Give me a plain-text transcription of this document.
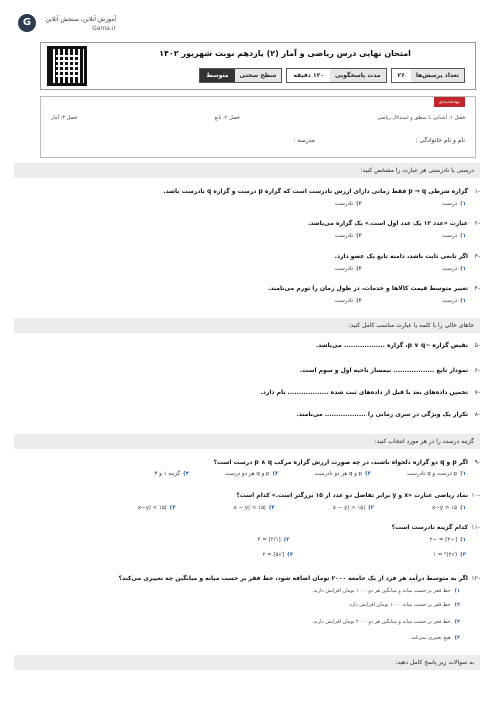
G	آموزش آنلاین، سنجش آنلاین
Gama.ir
امتحان نهایی درس ریاضی و آمار (۲) یازدهم نوبت شهریور ۱۴۰۲
تعداد پرسش‌ها
۲۶
مدت پاسخگویی
۱۲۰ دقیقه
سطح سختی
متوسط
بودجه‌بندی
فصل ۱: آشنایی با منطق و استدلال ریاضی
فصل ۲: تابع
فصل ۳: آمار
نام و نام خانوادگی :
مدرسه :
درستی یا نادرستی هر عبارت را مشخص کنید:
-۱
گزاره شرطی p ⇒ q فقط زمانی دارای ارزش نادرست است که گزاره p درست و گزاره q نادرست باشد.
۱)
درست
۲)
نادرست
-۲
عبارت «عدد ۱۲ یک عدد اول است.» یک گزاره می‌باشد.
۱)
درست
۲)
نادرست
-۳
اگر تابعی ثابت باشد، دامنه تابع یک عضو دارد.
۱)
درست
۲)
نادرست
-۴
تغییر متوسط قیمت کالاها و خدمات، در طول زمان را تورم می‌نامند.
۱)
درست
۲)
نادرست
جاهای خالی را با کلمه یا عبارت مناسب کامل کنید:
-۵
نقیض گزاره ~p ∨ q، گزاره .................. می‌باشد.
-۶
نمودار تابع .................. نیمساز ناحیه اول و سوم است.
-۷
تخمین داده‌های بعد یا قبل از داده‌های ثبت شده .................. نام دارد.
-۸
تکرار یک ویژگی در سری زمانی را .................. می‌نامند.
گزینه درست را در هر مورد انتخاب کنید:
-۹
اگر p و q دو گزاره دلخواه باشند، در چه صورت ارزش گزاره مرکب p ∧ q درست است؟
۱)
p درست و q نادرست
۲)
p و q هر دو نادرست
۳)
p و q هر دو درست
۴)
گزینه ۱ و ۳
-۱۰
نماد ریاضی عبارت «x و y برابر تفاضل دو عدد از ۱۵ بزرگتر است.» کدام است؟
۱)
x−y > ۱۵
۲)
|x − y| > ۱۵
۳)
|x − y| < ۱۵
۴)
|x−y| < ۱۵
-۱۱
کدام گزینه نادرست است؟
۱)
[−۲] = −۲
۲)
[۲/۱] = ۲
۳)
(√۲)² = ۱
۴)
[√۵] = ۲
-۱۲
اگر به متوسط درآمد هر فرد از یک جامعه ۲۰۰۰ تومان اضافه شود، خط فقر بر حسب میانه و میانگین چه تغییری می‌کند؟
۱)
خط فقر بر حسب میانه و میانگین هر دو ۱۰۰۰ تومان افزایش دارند.
۲)
خط فقر بر حسب میانه ۱۰۰۰ تومان افزایش دارد.
۳)
خط فقر بر حسب میانه و میانگین هر دو ۲۰۰۰ تومان افزایش دارند.
۴)
هیچ تغییری نمی‌کند.
به سوالات زیر پاسخ کامل دهید:
